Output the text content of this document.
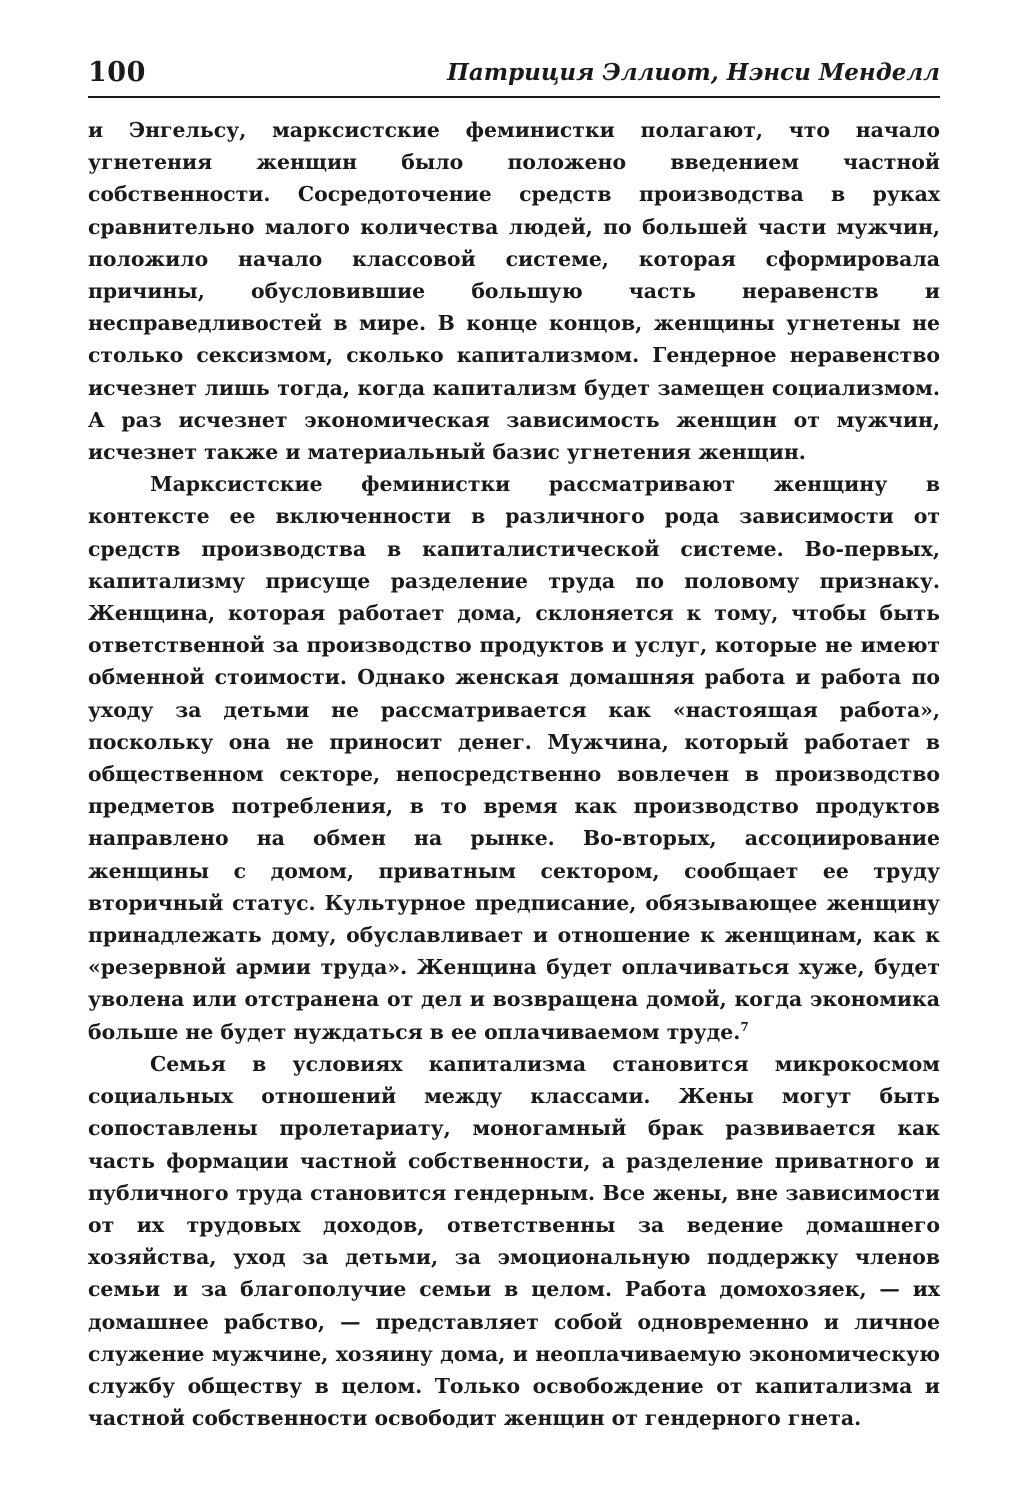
100	Патриция Эллиот, Нэнси Менделл

и Энгельсу, марксистские феминистки полагают, что начало угнетения женщин было положено введением частной собственности. Сосредоточение средств производства в руках сравнительно малого количества людей, по большей части мужчин, положило начало классовой системе, которая сформировала причины, обусловившие большую часть неравенств и несправедливостей в мире. В конце концов, женщины угнетены не столько сексизмом, сколько капитализмом. Гендерное неравенство исчезнет лишь тогда, когда капитализм будет замещен социализмом. А раз исчезнет экономическая зависимость женщин от мужчин, исчезнет также и материальный базис угнетения женщин.

Марксистские феминистки рассматривают женщину в контексте ее включенности в различного рода зависимости от средств производства в капиталистической системе. Во-первых, капитализму присуще разделение труда по половому признаку. Женщина, которая работает дома, склоняется к тому, чтобы быть ответственной за производство продуктов и услуг, которые не имеют обменной стоимости. Однако женская домашняя работа и работа по уходу за детьми не рассматривается как «настоящая работа», поскольку она не приносит денег. Мужчина, который работает в общественном секторе, непосредственно вовлечен в производство предметов потребления, в то время как производство продуктов направлено на обмен на рынке. Во-вторых, ассоциирование женщины с домом, приватным сектором, сообщает ее труду вторичный статус. Культурное предписание, обязывающее женщину принадлежать дому, обуславливает и отношение к женщинам, как к «резервной армии труда». Женщина будет оплачиваться хуже, будет уволена или отстранена от дел и возвращена домой, когда экономика больше не будет нуждаться в ее оплачиваемом труде.$^7$

Семья в условиях капитализма становится микрокосмом социальных отношений между классами. Жены могут быть сопоставлены пролетариату, моногамный брак развивается как часть формации частной собственности, а разделение приватного и публичного труда становится гендерным. Все жены, вне зависимости от их трудовых доходов, ответственны за ведение домашнего хозяйства, уход за детьми, за эмоциональную поддержку членов семьи и за благополучие семьи в целом. Работа домохозяек, — их домашнее рабство, — представляет собой одновременно и личное служение мужчине, хозяину дома, и неоплачиваемую экономическую службу обществу в целом. Только освобождение от капитализма и частной собственности освободит женщин от гендерного гнета.
